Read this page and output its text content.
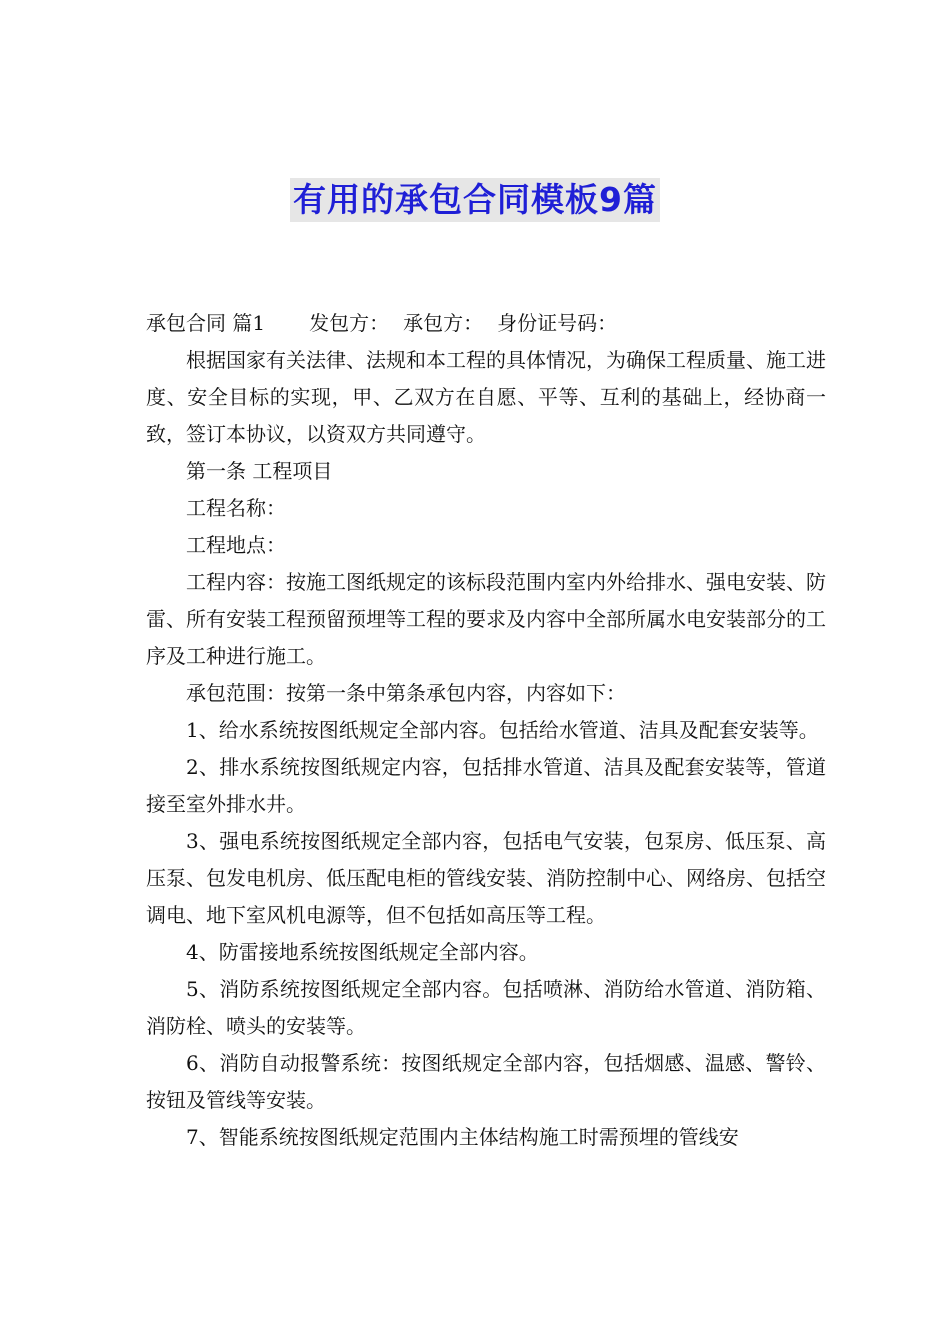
有用的承包合同模板9篇

承包合同 篇1 发包方： 承包方： 身份证号码：

根据国家有关法律、法规和本工程的具体情况，为确保工程质量、施工进度、安全目标的实现，甲、乙双方在自愿、平等、互利的基础上，经协商一致，签订本协议，以资双方共同遵守。

第一条 工程项目

工程名称：

工程地点：

工程内容：按施工图纸规定的该标段范围内室内外给排水、强电安装、防雷、所有安装工程预留预埋等工程的要求及内容中全部所属水电安装部分的工序及工种进行施工。

承包范围：按第一条中第条承包内容，内容如下：

1、给水系统按图纸规定全部内容。包括给水管道、洁具及配套安装等。

2、排水系统按图纸规定内容，包括排水管道、洁具及配套安装等，管道接至室外排水井。

3、强电系统按图纸规定全部内容，包括电气安装，包泵房、低压泵、高压泵、包发电机房、低压配电柜的管线安装、消防控制中心、网络房、包括空调电、地下室风机电源等，但不包括如高压等工程。

4、防雷接地系统按图纸规定全部内容。

5、消防系统按图纸规定全部内容。包括喷淋、消防给水管道、消防箱、消防栓、喷头的安装等。

6、消防自动报警系统：按图纸规定全部内容，包括烟感、温感、警铃、按钮及管线等安装。

7、智能系统按图纸规定范围内主体结构施工时需预埋的管线安
